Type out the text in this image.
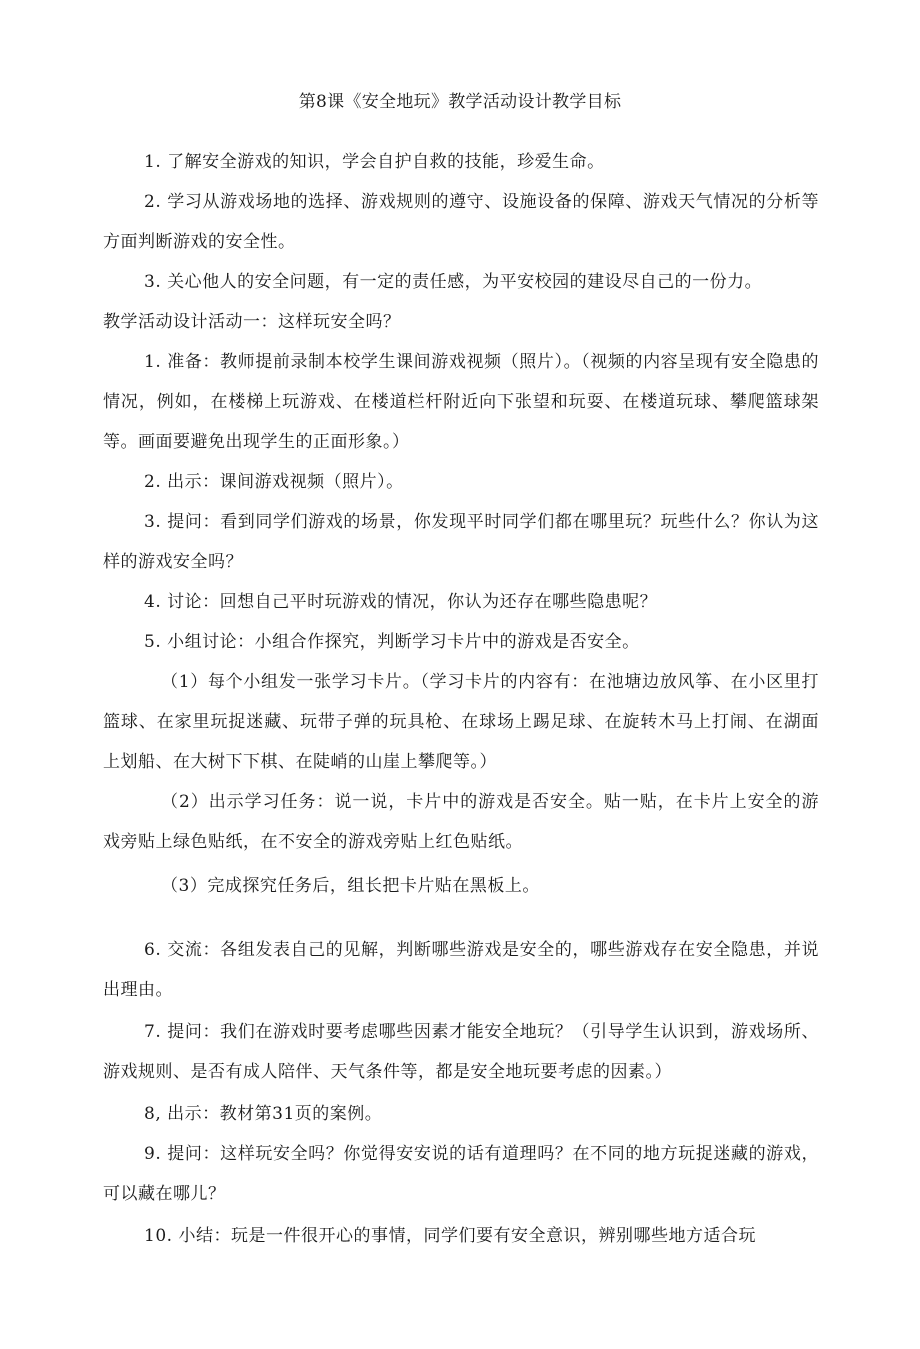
第8课《安全地玩》教学活动设计教学目标

1. 了解安全游戏的知识，学会自护自救的技能，珍爱生命。

2. 学习从游戏场地的选择、游戏规则的遵守、设施设备的保障、游戏天气情况的分析等方面判断游戏的安全性。

3. 关心他人的安全问题，有一定的责任感，为平安校园的建设尽自己的一份力。

教学活动设计活动一：这样玩安全吗？

1. 准备：教师提前录制本校学生课间游戏视频（照片）。（视频的内容呈现有安全隐患的情况，例如，在楼梯上玩游戏、在楼道栏杆附近向下张望和玩耍、在楼道玩球、攀爬篮球架等。画面要避免出现学生的正面形象。）

2. 出示：课间游戏视频（照片）。

3. 提问：看到同学们游戏的场景，你发现平时同学们都在哪里玩？玩些什么？你认为这样的游戏安全吗？

4. 讨论：回想自己平时玩游戏的情况，你认为还存在哪些隐患呢？

5. 小组讨论：小组合作探究，判断学习卡片中的游戏是否安全。

（1）每个小组发一张学习卡片。（学习卡片的内容有：在池塘边放风筝、在小区里打篮球、在家里玩捉迷藏、玩带子弹的玩具枪、在球场上踢足球、在旋转木马上打闹、在湖面上划船、在大树下下棋、在陡峭的山崖上攀爬等。）

（2）出示学习任务：说一说，卡片中的游戏是否安全。贴一贴，在卡片上安全的游戏旁贴上绿色贴纸，在不安全的游戏旁贴上红色贴纸。

（3）完成探究任务后，组长把卡片贴在黑板上。

6. 交流：各组发表自己的见解，判断哪些游戏是安全的，哪些游戏存在安全隐患，并说出理由。

7. 提问：我们在游戏时要考虑哪些因素才能安全地玩？（引导学生认识到，游戏场所、游戏规则、是否有成人陪伴、天气条件等，都是安全地玩要考虑的因素。）

8, 出示：教材第31页的案例。

9. 提问：这样玩安全吗？你觉得安安说的话有道理吗？在不同的地方玩捉迷藏的游戏，可以藏在哪儿？

10. 小结：玩是一件很开心的事情，同学们要有安全意识，辨别哪些地方适合玩
